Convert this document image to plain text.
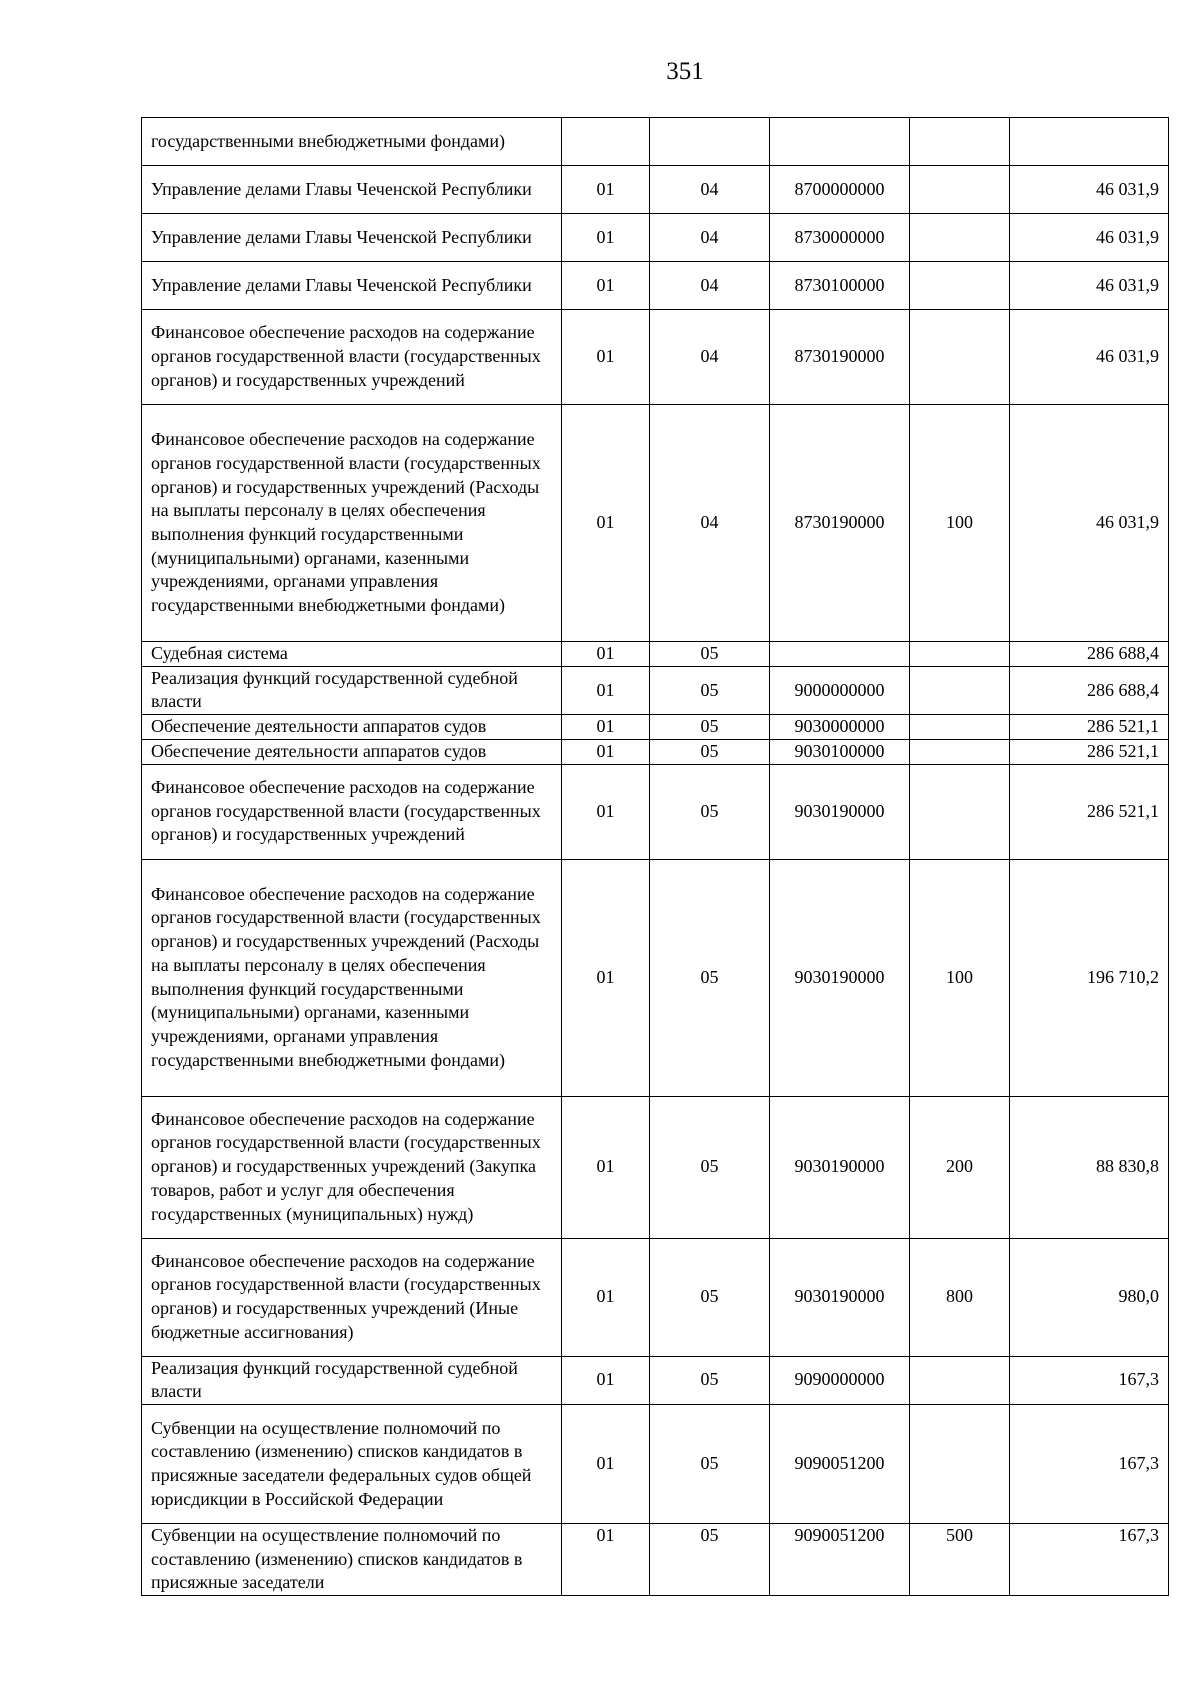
351
государственными внебюджетными фондами)					
Управление делами Главы Чеченской Республики	01	04	8700000000		46 031,9
Управление делами Главы Чеченской Республики	01	04	8730000000		46 031,9
Управление делами Главы Чеченской Республики	01	04	8730100000		46 031,9
Финансовое обеспечение расходов на содержание органов государственной власти (государственных органов) и государственных учреждений	01	04	8730190000		46 031,9
Финансовое обеспечение расходов на содержание органов государственной власти (государственных органов) и государственных учреждений (Расходы на выплаты персоналу в целях обеспечения выполнения функций государственными (муниципальными) органами, казенными учреждениями, органами управления государственными внебюджетными фондами)	01	04	8730190000	100	46 031,9
Судебная система	01	05			286 688,4
Реализация функций государственной судебной власти	01	05	9000000000		286 688,4
Обеспечение деятельности аппаратов судов	01	05	9030000000		286 521,1
Обеспечение деятельности аппаратов судов	01	05	9030100000		286 521,1
Финансовое обеспечение расходов на содержание органов государственной власти (государственных органов) и государственных учреждений	01	05	9030190000		286 521,1
Финансовое обеспечение расходов на содержание органов государственной власти (государственных органов) и государственных учреждений (Расходы на выплаты персоналу в целях обеспечения выполнения функций государственными (муниципальными) органами, казенными учреждениями, органами управления государственными внебюджетными фондами)	01	05	9030190000	100	196 710,2
Финансовое обеспечение расходов на содержание органов государственной власти (государственных органов) и государственных учреждений (Закупка товаров, работ и услуг для обеспечения государственных (муниципальных) нужд)	01	05	9030190000	200	88 830,8
Финансовое обеспечение расходов на содержание органов государственной власти (государственных органов) и государственных учреждений (Иные бюджетные ассигнования)	01	05	9030190000	800	980,0
Реализация функций государственной судебной власти	01	05	9090000000		167,3
Субвенции на осуществление полномочий по составлению (изменению) списков кандидатов в присяжные заседатели федеральных судов общей юрисдикции в Российской Федерации	01	05	9090051200		167,3
Субвенции на осуществление полномочий по составлению (изменению) списков кандидатов в присяжные заседатели	01	05	9090051200	500	167,3
